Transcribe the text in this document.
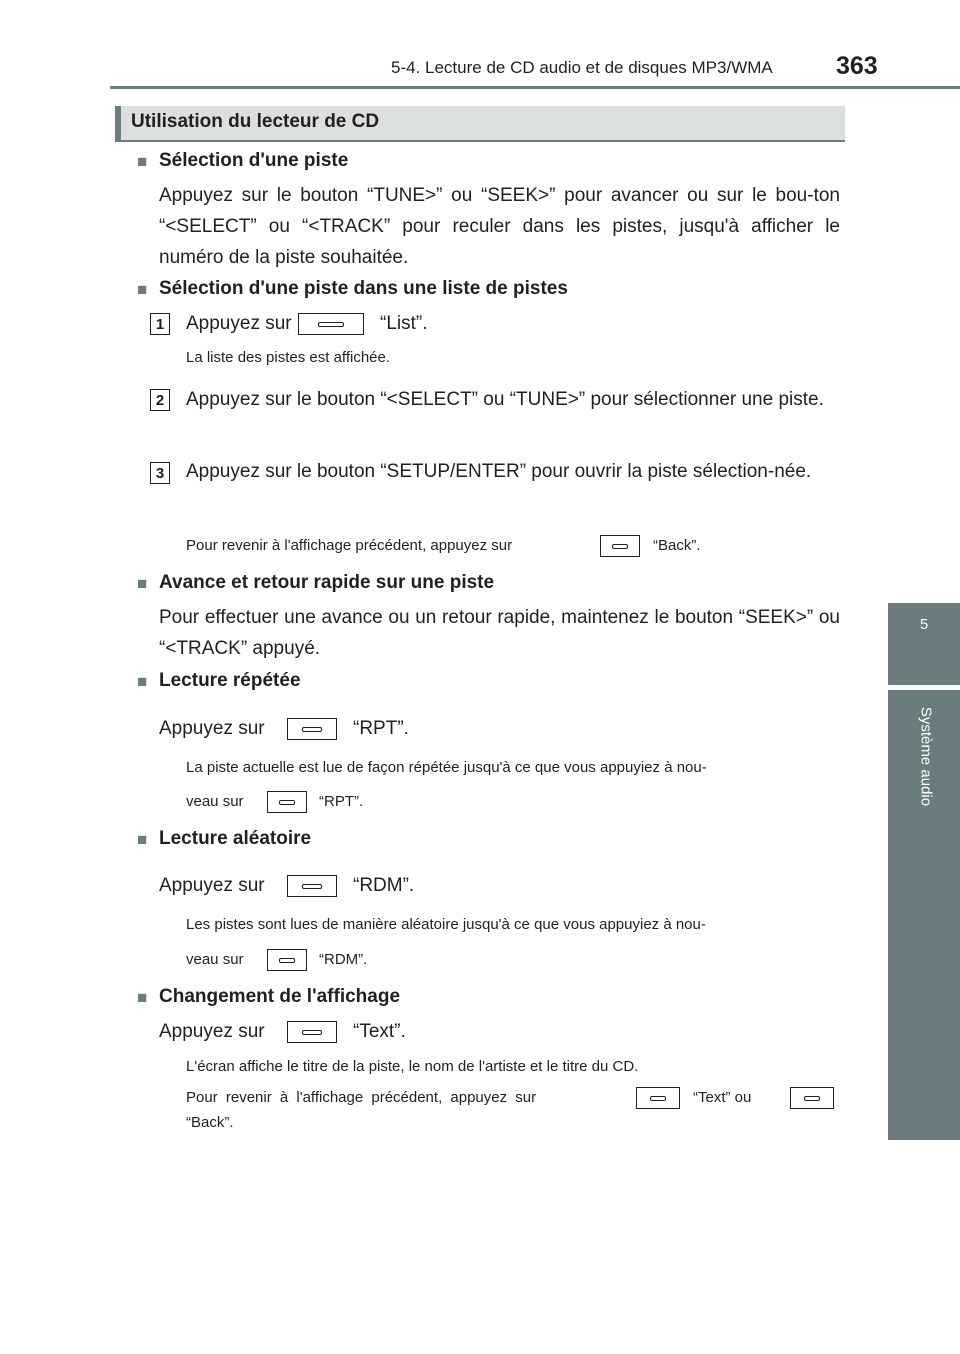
5-4. Lecture de CD audio et de disques MP3/WMA	363
5
Système audio
Utilisation du lecteur de CD
■ Sélection d'une piste
Appuyez sur le bouton “TUNE>” ou “SEEK>” pour avancer ou sur le bou-ton “<SELECT” ou “<TRACK” pour reculer dans les pistes, jusqu'à afficher le numéro de la piste souhaitée.
■ Sélection d'une piste dans une liste de pistes
1	Appuyez sur	“List”.
La liste des pistes est affichée.
2	Appuyez sur le bouton “<SELECT” ou “TUNE>” pour sélectionner une piste.
3	Appuyez sur le bouton “SETUP/ENTER” pour ouvrir la piste sélection-née.
Pour revenir à l'affichage précédent, appuyez sur	“Back”.
■ Avance et retour rapide sur une piste
Pour effectuer une avance ou un retour rapide, maintenez le bouton “SEEK>” ou “<TRACK” appuyé.
■ Lecture répétée
Appuyez sur	“RPT”.
La piste actuelle est lue de façon répétée jusqu'à ce que vous appuyiez à nou-
veau sur	“RPT”.
■ Lecture aléatoire
Appuyez sur	“RDM”.
Les pistes sont lues de manière aléatoire jusqu'à ce que vous appuyiez à nou-
veau sur	“RDM”.
■ Changement de l'affichage
Appuyez sur	“Text”.
L'écran affiche le titre de la piste, le nom de l'artiste et le titre du CD.
Pour revenir à l'affichage précédent, appuyez sur	“Text” ou
“Back”.
